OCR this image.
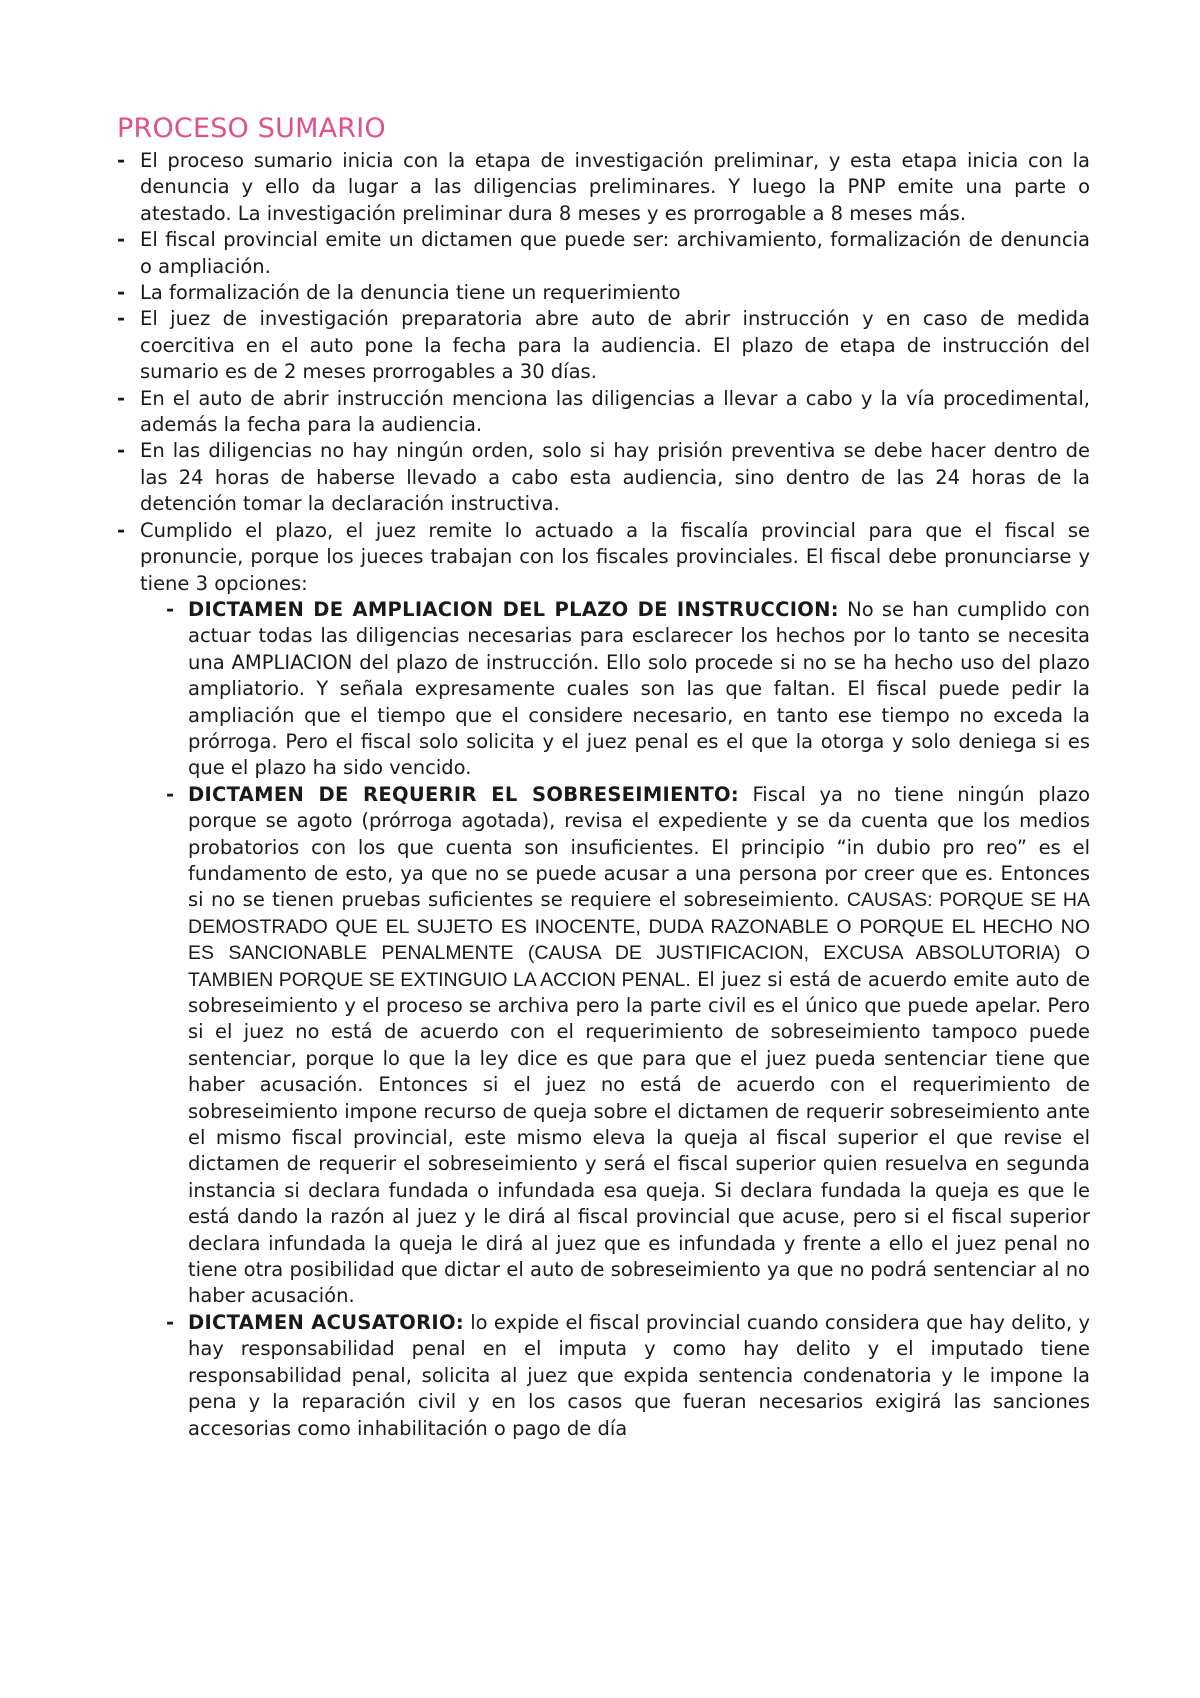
PROCESO SUMARIO
- El proceso sumario inicia con la etapa de investigación preliminar, y esta etapa inicia con la denuncia y ello da lugar a las diligencias preliminares. Y luego la PNP emite una parte o atestado. La investigación preliminar dura 8 meses y es prorrogable a 8 meses más.
- El fiscal provincial emite un dictamen que puede ser: archivamiento, formalización de denuncia o ampliación.
- La formalización de la denuncia tiene un requerimiento
- El juez de investigación preparatoria abre auto de abrir instrucción y en caso de medida coercitiva en el auto pone la fecha para la audiencia. El plazo de etapa de instrucción del sumario es de 2 meses prorrogables a 30 días.
- En el auto de abrir instrucción menciona las diligencias a llevar a cabo y la vía procedimental, además la fecha para la audiencia.
- En las diligencias no hay ningún orden, solo si hay prisión preventiva se debe hacer dentro de las 24 horas de haberse llevado a cabo esta audiencia, sino dentro de las 24 horas de la detención tomar la declaración instructiva.
- Cumplido el plazo, el juez remite lo actuado a la fiscalía provincial para que el fiscal se pronuncie, porque los jueces trabajan con los fiscales provinciales. El fiscal debe pronunciarse y tiene 3 opciones:
- DICTAMEN DE AMPLIACION DEL PLAZO DE INSTRUCCION: No se han cumplido con actuar todas las diligencias necesarias para esclarecer los hechos por lo tanto se necesita una AMPLIACION del plazo de instrucción. Ello solo procede si no se ha hecho uso del plazo ampliatorio. Y señala expresamente cuales son las que faltan. El fiscal puede pedir la ampliación que el tiempo que el considere necesario, en tanto ese tiempo no exceda la prórroga. Pero el fiscal solo solicita y el juez penal es el que la otorga y solo deniega si es que el plazo ha sido vencido.
- DICTAMEN DE REQUERIR EL SOBRESEIMIENTO: Fiscal ya no tiene ningún plazo porque se agoto (prórroga agotada), revisa el expediente y se da cuenta que los medios probatorios con los que cuenta son insuficientes. El principio “in dubio pro reo” es el fundamento de esto, ya que no se puede acusar a una persona por creer que es. Entonces si no se tienen pruebas suficientes se requiere el sobreseimiento. CAUSAS: PORQUE SE HA DEMOSTRADO QUE EL SUJETO ES INOCENTE, DUDA RAZONABLE O PORQUE EL HECHO NO ES SANCIONABLE PENALMENTE (CAUSA DE JUSTIFICACION, EXCUSA ABSOLUTORIA) O TAMBIEN PORQUE SE EXTINGUIO LA ACCION PENAL. El juez si está de acuerdo emite auto de sobreseimiento y el proceso se archiva pero la parte civil es el único que puede apelar. Pero si el juez no está de acuerdo con el requerimiento de sobreseimiento tampoco puede sentenciar, porque lo que la ley dice es que para que el juez pueda sentenciar tiene que haber acusación. Entonces si el juez no está de acuerdo con el requerimiento de sobreseimiento impone recurso de queja sobre el dictamen de requerir sobreseimiento ante el mismo fiscal provincial, este mismo eleva la queja al fiscal superior el que revise el dictamen de requerir el sobreseimiento y será el fiscal superior quien resuelva en segunda instancia si declara fundada o infundada esa queja. Si declara fundada la queja es que le está dando la razón al juez y le dirá al fiscal provincial que acuse, pero si el fiscal superior declara infundada la queja le dirá al juez que es infundada y frente a ello el juez penal no tiene otra posibilidad que dictar el auto de sobreseimiento ya que no podrá sentenciar al no haber acusación.
- DICTAMEN ACUSATORIO: lo expide el fiscal provincial cuando considera que hay delito, y hay responsabilidad penal en el imputa y como hay delito y el imputado tiene responsabilidad penal, solicita al juez que expida sentencia condenatoria y le impone la pena y la reparación civil y en los casos que fueran necesarios exigirá las sanciones accesorias como inhabilitación o pago de día
